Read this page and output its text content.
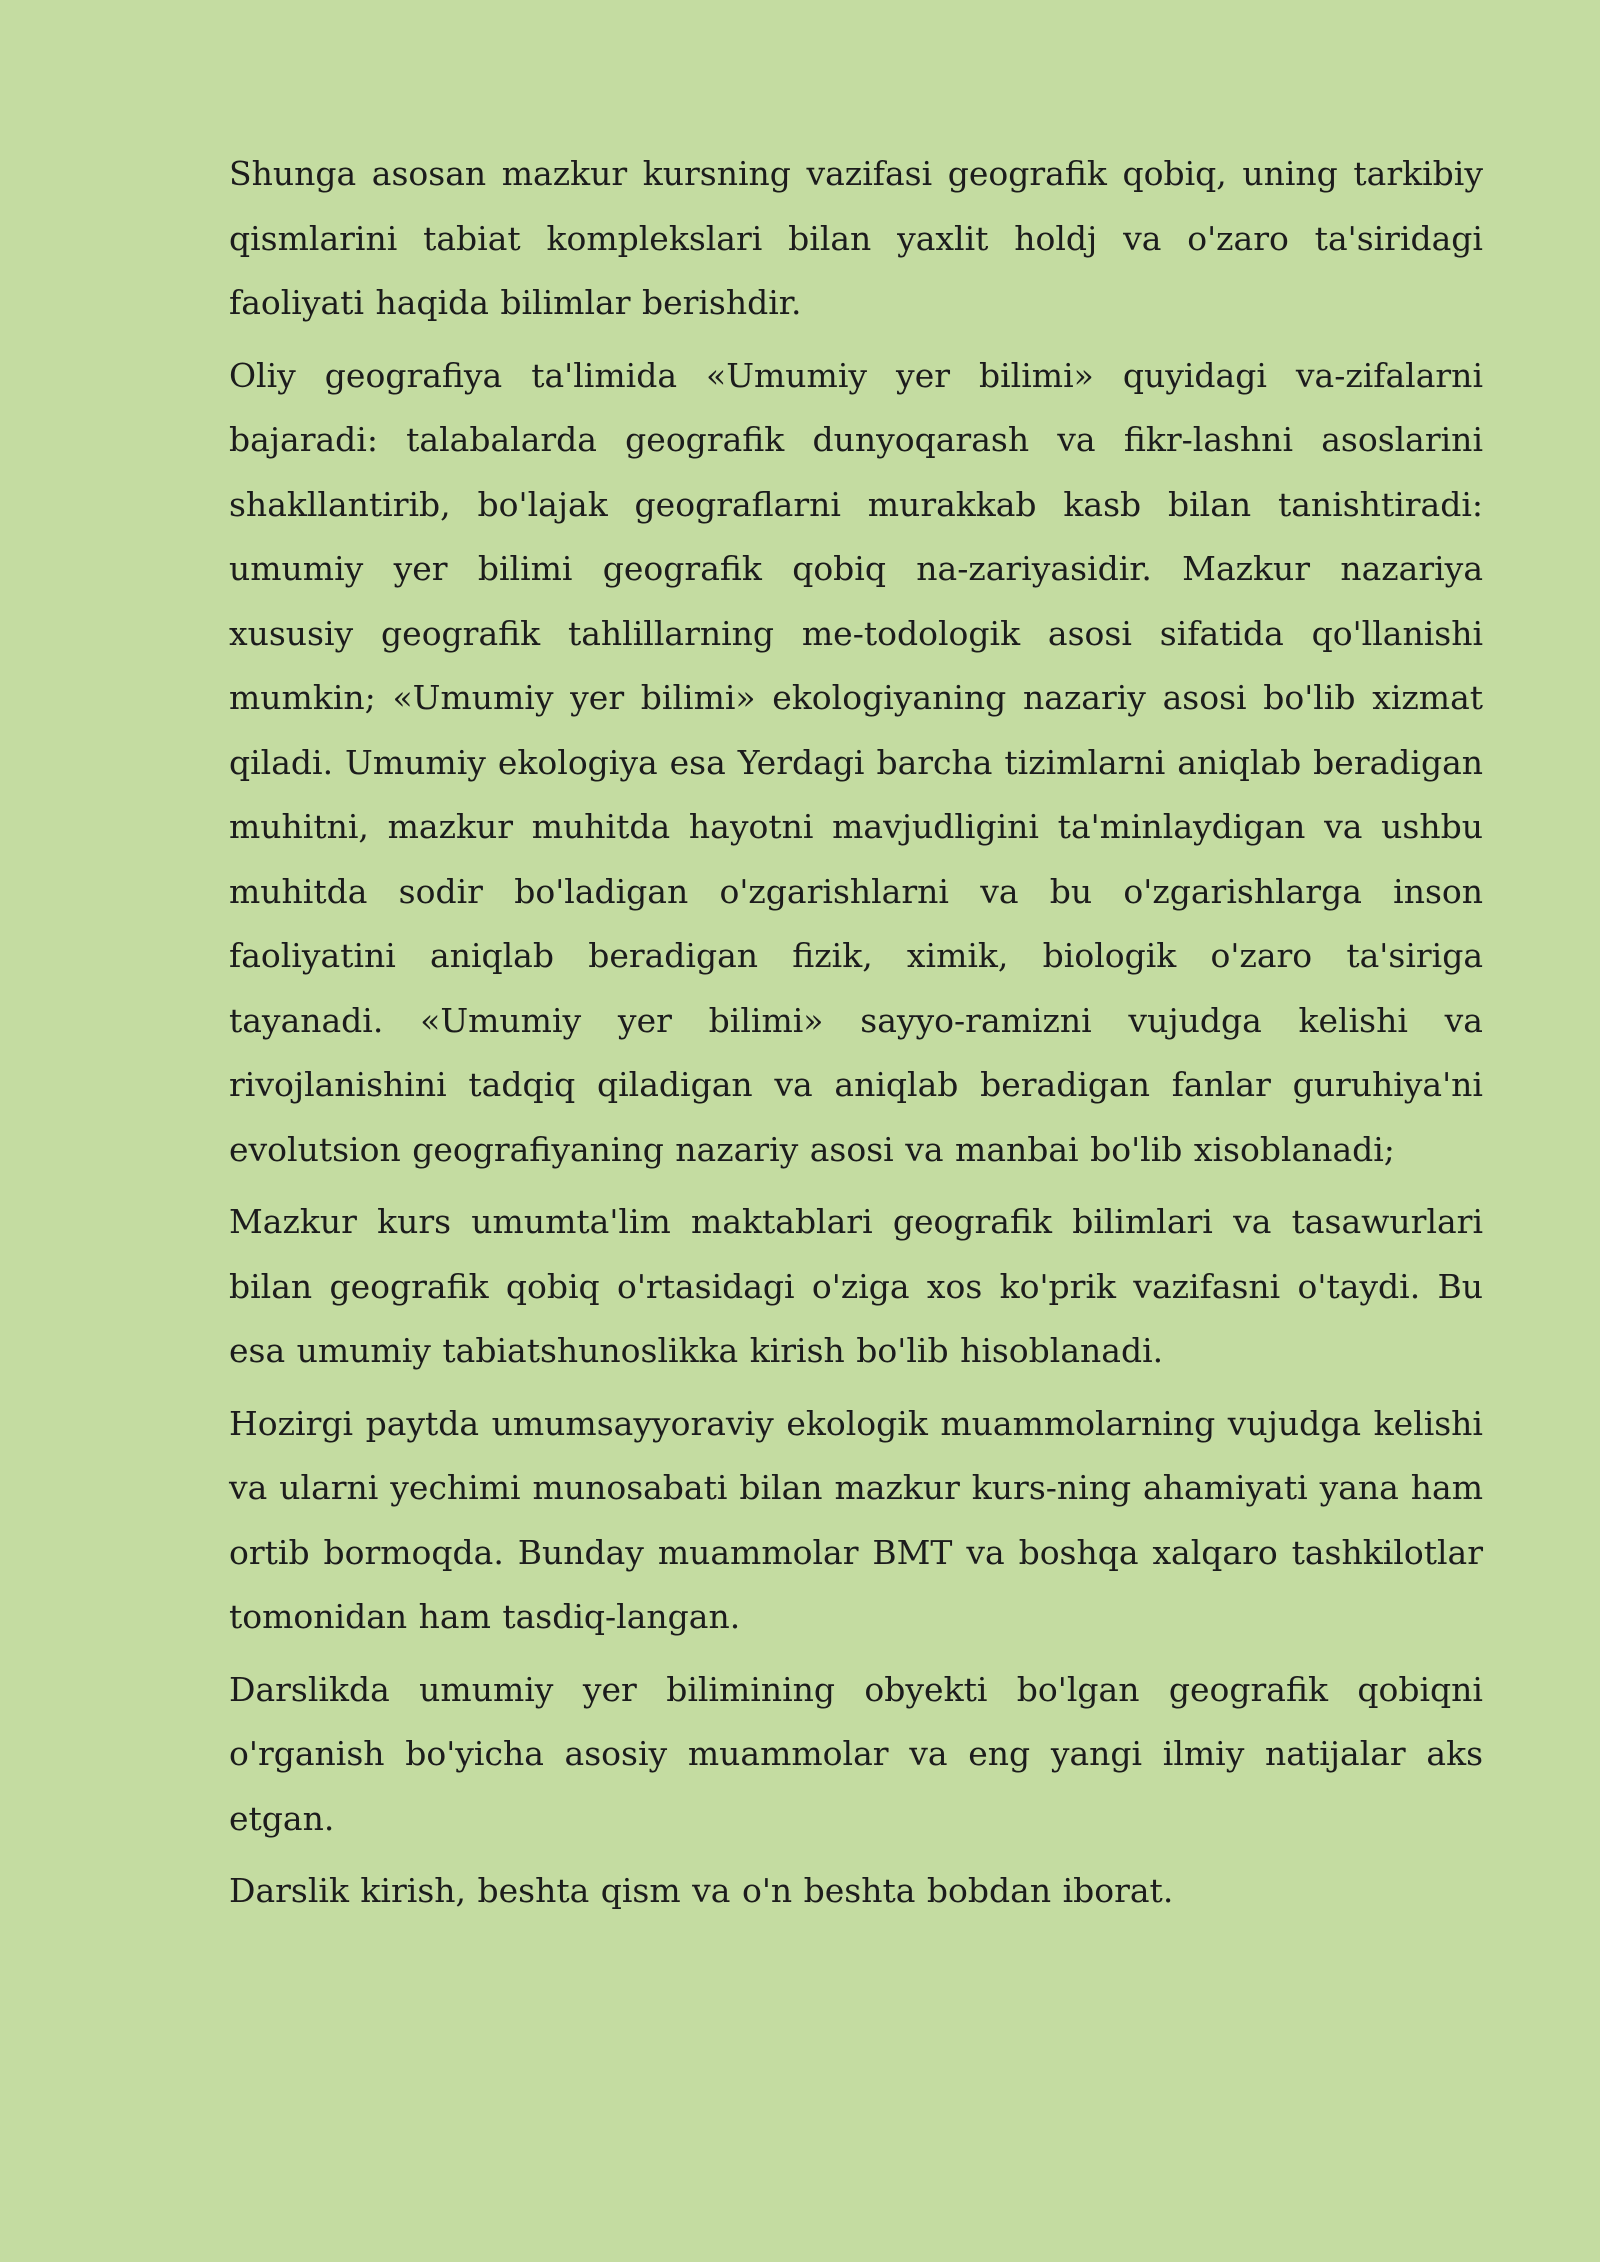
Shunga asosan mazkur kursning vazifasi geografik qobiq, uning tarkibiy qismlarini tabiat komplekslari bilan yaxlit holdj va o'zaro ta'siridagi faoliyati haqida bilimlar berishdir.

Oliy geografiya ta'limida «Umumiy yer bilimi» quyidagi va-zifalarni bajaradi: talabalarda geografik dunyoqarash va fikr-lashni asoslarini shakllantirib, bo'lajak geograflarni murakkab kasb bilan tanishtiradi: umumiy yer bilimi geografik qobiq na-zariyasidir. Mazkur nazariya xususiy geografik tahlillarning me-todologik asosi sifatida qo'llanishi mumkin; «Umumiy yer bilimi» ekologiyaning nazariy asosi bo'lib xizmat qiladi. Umumiy ekologiya esa Yerdagi barcha tizimlarni aniqlab beradigan muhitni, mazkur muhitda hayotni mavjudligini ta'minlaydigan va ushbu muhitda sodir bo'ladigan o'zgarishlarni va bu o'zgarishlarga inson faoliyatini aniqlab beradigan fizik, ximik, biologik o'zaro ta'siriga tayanadi. «Umumiy yer bilimi» sayyo-ramizni vujudga kelishi va rivojlanishini tadqiq qiladigan va aniqlab beradigan fanlar guruhiya'ni evolutsion geografiyaning nazariy asosi va manbai bo'lib xisoblanadi;

Mazkur kurs umumta'lim maktablari geografik bilimlari va tasawurlari bilan geografik qobiq o'rtasidagi o'ziga xos ko'prik vazifasni o'taydi. Bu esa umumiy tabiatshunoslikka kirish bo'lib hisoblanadi.

Hozirgi paytda umumsayyoraviy ekologik muammolarning vujudga kelishi va ularni yechimi munosabati bilan mazkur kurs-ning ahamiyati yana ham ortib bormoqda. Bunday muammolar BMT va boshqa xalqaro tashkilotlar tomonidan ham tasdiq-langan.

Darslikda umumiy yer bilimining obyekti bo'lgan geografik qobiqni o'rganish bo'yicha asosiy muammolar va eng yangi ilmiy natijalar aks etgan.

Darslik kirish, beshta qism va o'n beshta bobdan iborat.
